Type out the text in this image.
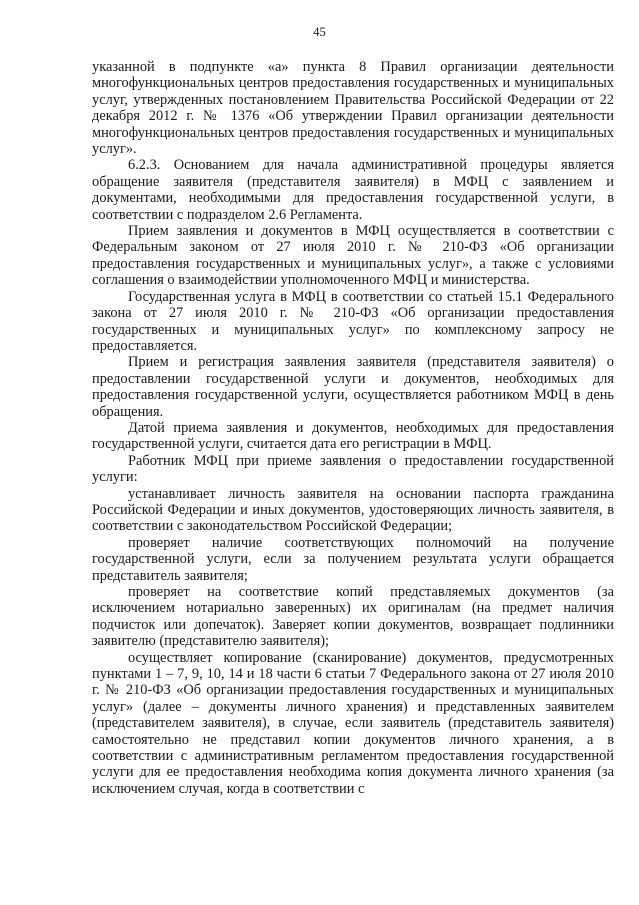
45

указанной в подпункте «а» пункта 8 Правил организации деятельности многофункциональных центров предоставления государственных и муниципальных услуг, утвержденных постановлением Правительства Российской Федерации от 22 декабря 2012 г. № 1376 «Об утверждении Правил организации деятельности многофункциональных центров предоставления государственных и муниципальных услуг».

6.2.3. Основанием для начала административной процедуры является обращение заявителя (представителя заявителя) в МФЦ с заявлением и документами, необходимыми для предоставления государственной услуги, в соответствии с подразделом 2.6 Регламента.

Прием заявления и документов в МФЦ осуществляется в соответствии с Федеральным законом от 27 июля 2010 г. № 210-ФЗ «Об организации предоставления государственных и муниципальных услуг», а также с условиями соглашения о взаимодействии уполномоченного МФЦ и министерства.

Государственная услуга в МФЦ в соответствии со статьей 15.1 Федерального закона от 27 июля 2010 г. № 210-ФЗ «Об организации предоставления государственных и муниципальных услуг» по комплексному запросу не предоставляется.

Прием и регистрация заявления заявителя (представителя заявителя) о предоставлении государственной услуги и документов, необходимых для предоставления государственной услуги, осуществляется работником МФЦ в день обращения.

Датой приема заявления и документов, необходимых для предоставления государственной услуги, считается дата его регистрации в МФЦ.

Работник МФЦ при приеме заявления о предоставлении государственной услуги:

устанавливает личность заявителя на основании паспорта гражданина Российской Федерации и иных документов, удостоверяющих личность заявителя, в соответствии с законодательством Российской Федерации;

проверяет наличие соответствующих полномочий на получение государственной услуги, если за получением результата услуги обращается представитель заявителя;

проверяет на соответствие копий представляемых документов (за исключением нотариально заверенных) их оригиналам (на предмет наличия подчисток или допечаток). Заверяет копии документов, возвращает подлинники заявителю (представителю заявителя);

осуществляет копирование (сканирование) документов, предусмотренных пунктами 1 – 7, 9, 10, 14 и 18 части 6 статьи 7 Федерального закона от 27 июля 2010 г. № 210-ФЗ «Об организации предоставления государственных и муниципальных услуг» (далее – документы личного хранения) и представленных заявителем (представителем заявителя), в случае, если заявитель (представитель заявителя) самостоятельно не представил копии документов личного хранения, а в соответствии с административным регламентом предоставления государственной услуги для ее предоставления необходима копия документа личного хранения (за исключением случая, когда в соответствии с
